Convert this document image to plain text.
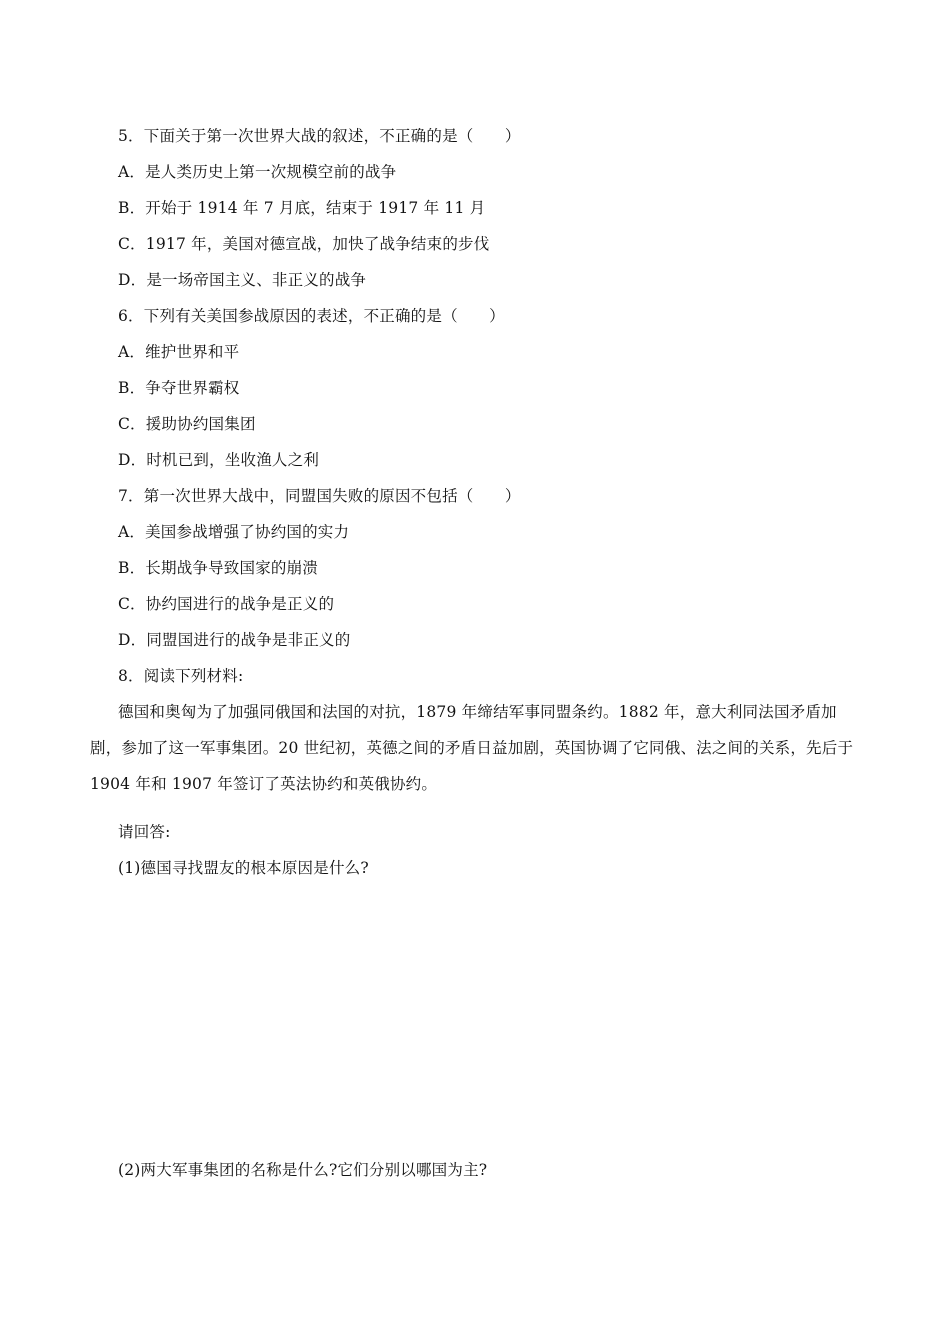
5．下面关于第一次世界大战的叙述，不正确的是（　　）
A．是人类历史上第一次规模空前的战争
B．开始于 1914 年 7 月底，结束于 1917 年 11 月
C．1917 年，美国对德宣战，加快了战争结束的步伐
D．是一场帝国主义、非正义的战争
6．下列有关美国参战原因的表述，不正确的是（　　）
A．维护世界和平
B．争夺世界霸权
C．援助协约国集团
D．时机已到，坐收渔人之利
7．第一次世界大战中，同盟国失败的原因不包括（　　）
A．美国参战增强了协约国的实力
B．长期战争导致国家的崩溃
C．协约国进行的战争是正义的
D．同盟国进行的战争是非正义的
8．阅读下列材料:
德国和奥匈为了加强同俄国和法国的对抗，1879 年缔结军事同盟条约。1882 年，意大利同法国矛盾加剧，参加了这一军事集团。20 世纪初，英德之间的矛盾日益加剧，英国协调了它同俄、法之间的关系，先后于 1904 年和 1907 年签订了英法协约和英俄协约。
请回答:
(1)德国寻找盟友的根本原因是什么?
(2)两大军事集团的名称是什么?它们分别以哪国为主?
